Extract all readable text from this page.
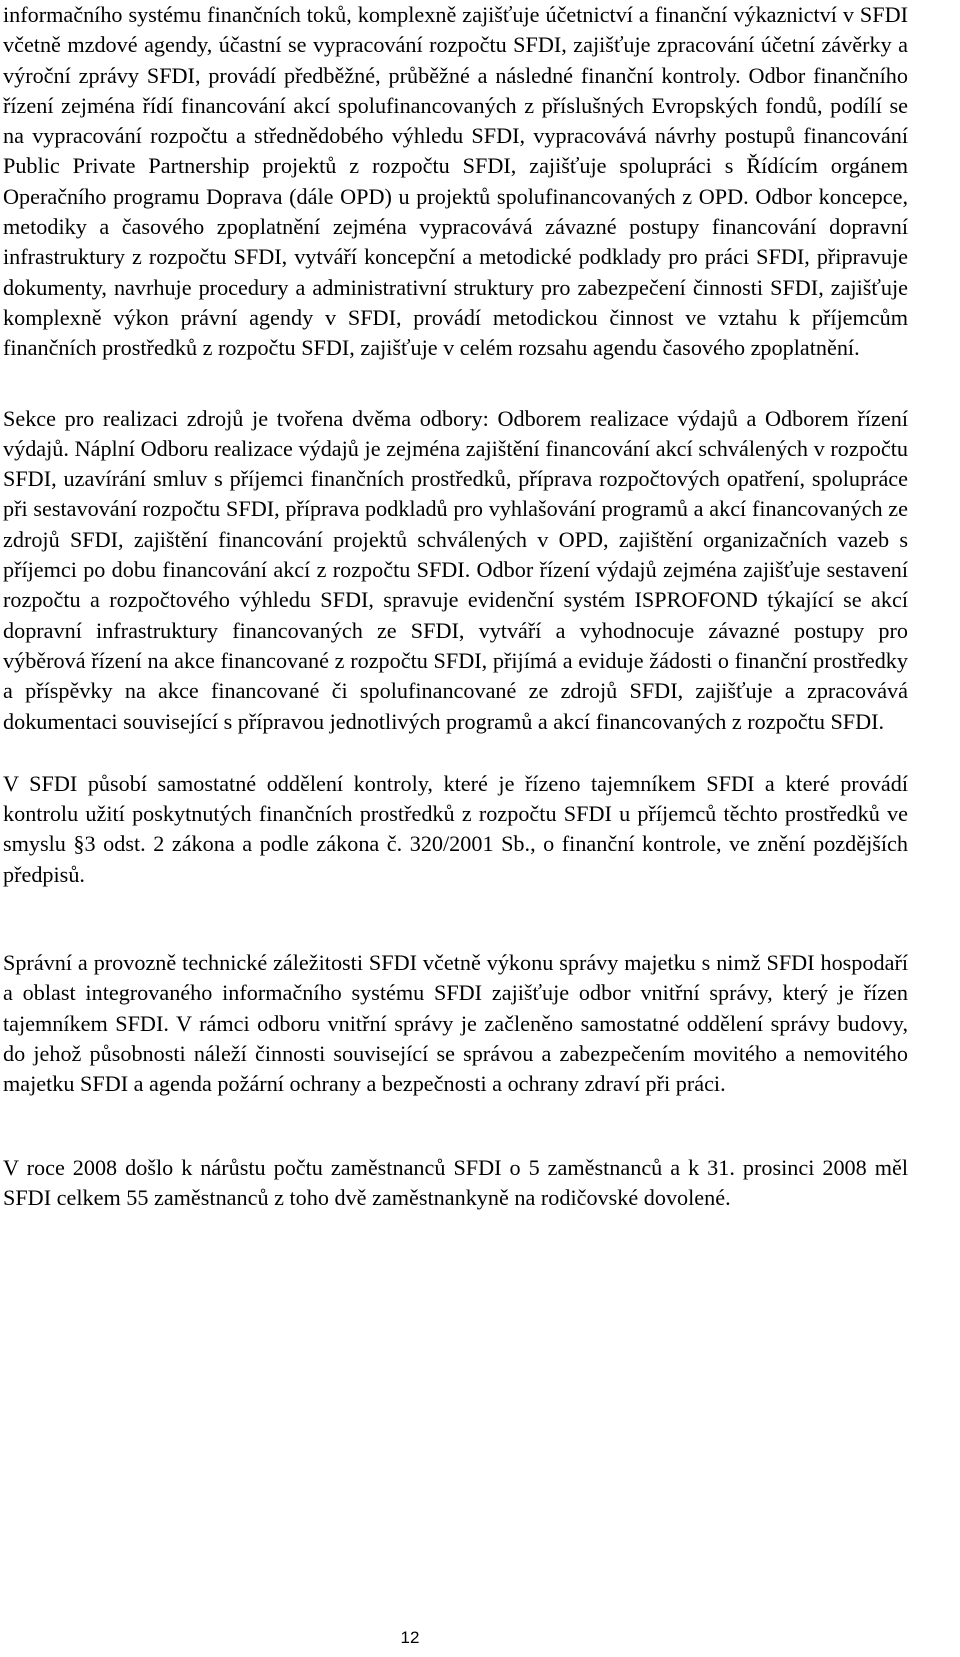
informačního systému finančních toků, komplexně zajišťuje účetnictví a finanční výkaznictví v SFDI včetně mzdové agendy, účastní se vypracování rozpočtu SFDI, zajišťuje zpracování účetní závěrky a výroční zprávy SFDI, provádí předběžné, průběžné a následné finanční kontroly. Odbor finančního řízení zejména řídí financování akcí spolufinancovaných z příslušných Evropských fondů, podílí se na vypracování rozpočtu a střednědobého výhledu SFDI, vypracovává návrhy postupů financování Public Private Partnership projektů z rozpočtu SFDI, zajišťuje spolupráci s Řídícím orgánem Operačního programu Doprava (dále OPD) u projektů spolufinancovaných z OPD. Odbor koncepce, metodiky a časového zpoplatnění zejména vypracovává závazné postupy financování dopravní infrastruktury z rozpočtu SFDI, vytváří koncepční a metodické podklady pro práci SFDI, připravuje dokumenty, navrhuje procedury a administrativní struktury pro zabezpečení činnosti SFDI, zajišťuje komplexně výkon právní agendy v SFDI, provádí metodickou činnost ve vztahu k příjemcům finančních prostředků z rozpočtu SFDI, zajišťuje v celém rozsahu agendu časového zpoplatnění.

Sekce pro realizaci zdrojů je tvořena dvěma odbory: Odborem realizace výdajů a Odborem řízení výdajů. Náplní Odboru realizace výdajů je zejména zajištění financování akcí schválených v rozpočtu SFDI, uzavírání smluv s příjemci finančních prostředků, příprava rozpočtových opatření, spolupráce při sestavování rozpočtu SFDI, příprava podkladů pro vyhlašování programů a akcí financovaných ze zdrojů SFDI, zajištění financování projektů schválených v OPD, zajištění organizačních vazeb s příjemci po dobu financování akcí z rozpočtu SFDI. Odbor řízení výdajů zejména zajišťuje sestavení rozpočtu a rozpočtového výhledu SFDI, spravuje evidenční systém ISPROFOND týkající se akcí dopravní infrastruktury financovaných ze SFDI, vytváří a vyhodnocuje závazné postupy pro výběrová řízení na akce financované z rozpočtu SFDI, přijímá a eviduje žádosti o finanční prostředky a příspěvky na akce financované či spolufinancované ze zdrojů SFDI, zajišťuje a zpracovává dokumentaci související s přípravou jednotlivých programů a akcí financovaných z rozpočtu SFDI.

V SFDI působí samostatné oddělení kontroly, které je řízeno tajemníkem SFDI a které provádí kontrolu užití poskytnutých finančních prostředků z rozpočtu SFDI u příjemců těchto prostředků ve smyslu §3 odst. 2 zákona a podle zákona č. 320/2001 Sb., o finanční kontrole, ve znění pozdějších předpisů.

Správní a provozně technické záležitosti SFDI včetně výkonu správy majetku s nimž SFDI hospodaří a oblast integrovaného informačního systému SFDI zajišťuje odbor vnitřní správy, který je řízen tajemníkem SFDI. V rámci odboru vnitřní správy je začleněno samostatné oddělení správy budovy, do jehož působnosti náleží činnosti související se správou a zabezpečením movitého a nemovitého majetku SFDI a agenda požární ochrany a bezpečnosti a ochrany zdraví při práci.

V roce 2008 došlo k nárůstu počtu zaměstnanců SFDI o 5 zaměstnanců a k 31. prosinci 2008 měl SFDI celkem 55 zaměstnanců z toho dvě zaměstnankyně na rodičovské dovolené.

12
